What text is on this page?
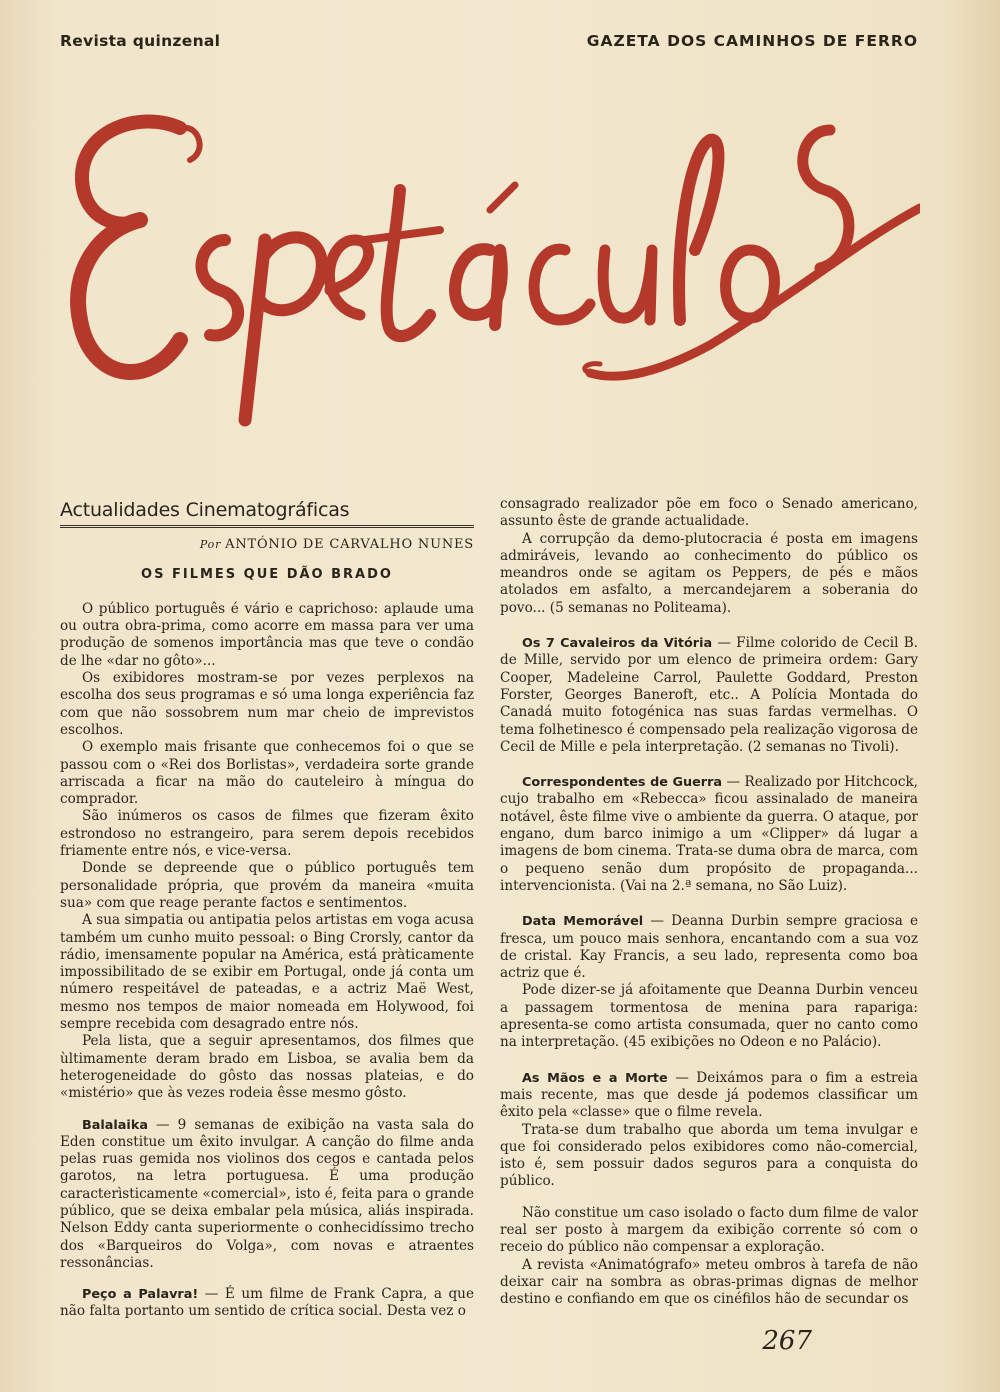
Revista quinzenal	GAZETA DOS CAMINHOS DE FERRO
Actualidades Cinematográficas
Por ANTÓNIO DE CARVALHO NUNES
OS FILMES QUE DÃO BRADO

O público português é vário e caprichoso: aplaude uma ou outra obra-prima, como acorre em massa para ver uma produção de somenos importância mas que teve o condão de lhe «dar no gôto»...

Os exibidores mostram-se por vezes perplexos na escolha dos seus programas e só uma longa experiência faz com que não sossobrem num mar cheio de imprevistos escolhos.

O exemplo mais frisante que conhecemos foi o que se passou com o «Rei dos Borlistas», verdadeira sorte grande arriscada a ficar na mão do cauteleiro à míngua do comprador.

São inúmeros os casos de filmes que fizeram êxito estrondoso no estrangeiro, para serem depois recebidos friamente entre nós, e vice-versa.

Donde se depreende que o público português tem personalidade própria, que provém da maneira «muita sua» com que reage perante factos e sentimentos.

A sua simpatia ou antipatia pelos artistas em voga acusa também um cunho muito pessoal: o Bing Crorsly, cantor da rádio, imensamente popular na América, está pràticamente impossibilitado de se exibir em Portugal, onde já conta um número respeitável de pateadas, e a actriz Maë West, mesmo nos tempos de maior nomeada em Holywood, foi sempre recebida com desagrado entre nós.

Pela lista, que a seguir apresentamos, dos filmes que ùltimamente deram brado em Lisboa, se avalia bem da heterogeneidade do gôsto das nossas plateias, e do «mistério» que às vezes rodeia êsse mesmo gôsto.

Balalaika — 9 semanas de exibição na vasta sala do Eden constitue um êxito invulgar. A canção do filme anda pelas ruas gemida nos violinos dos cegos e cantada pelos garotos, na letra portuguesa. É uma produção caracterìsticamente «comercial», isto é, feita para o grande público, que se deixa embalar pela música, aliás inspirada. Nelson Eddy canta superiormente o conhecidíssimo trecho dos «Barqueiros do Volga», com novas e atraentes ressonâncias.

Peço a Palavra! — É um filme de Frank Capra, a que não falta portanto um sentido de crítica social. Desta vez o

consagrado realizador põe em foco o Senado americano, assunto êste de grande actualidade.

A corrupção da demo-plutocracia é posta em imagens admiráveis, levando ao conhecimento do público os meandros onde se agitam os Peppers, de pés e mãos atolados em asfalto, a mercandejarem a soberania do povo... (5 semanas no Politeama).

Os 7 Cavaleiros da Vitória — Filme colorido de Cecil B. de Mille, servido por um elenco de primeira ordem: Gary Cooper, Madeleine Carrol, Paulette Goddard, Preston Forster, Georges Baneroft, etc.. A Polícia Montada do Canadá muito fotogénica nas suas fardas vermelhas. O tema folhetinesco é compensado pela realização vigorosa de Cecil de Mille e pela interpretação. (2 semanas no Tivoli).

Correspondentes de Guerra — Realizado por Hitchcock, cujo trabalho em «Rebecca» ficou assinalado de maneira notável, êste filme vive o ambiente da guerra. O ataque, por engano, dum barco inimigo a um «Clipper» dá lugar a imagens de bom cinema. Trata-se duma obra de marca, com o pequeno senão dum propósito de propaganda... intervencionista. (Vai na 2.ª semana, no São Luiz).

Data Memorável — Deanna Durbin sempre graciosa e fresca, um pouco mais senhora, encantando com a sua voz de cristal. Kay Francis, a seu lado, representa como boa actriz que é.

Pode dizer-se já afoitamente que Deanna Durbin venceu a passagem tormentosa de menina para rapariga: apresenta-se como artista consumada, quer no canto como na interpretação. (45 exibições no Odeon e no Palácio).

As Mãos e a Morte — Deixámos para o fim a estreia mais recente, mas que desde já podemos classificar um êxito pela «classe» que o filme revela.

Trata-se dum trabalho que aborda um tema invulgar e que foi considerado pelos exibidores como não-comercial, isto é, sem possuir dados seguros para a conquista do público.

Não constitue um caso isolado o facto dum filme de valor real ser posto à margem da exibição corrente só com o receio do público não compensar a exploração.

A revista «Animatógrafo» meteu ombros à tarefa de não deixar cair na sombra as obras-primas dignas de melhor destino e confiando em que os cinéfilos hão de secundar os

267
